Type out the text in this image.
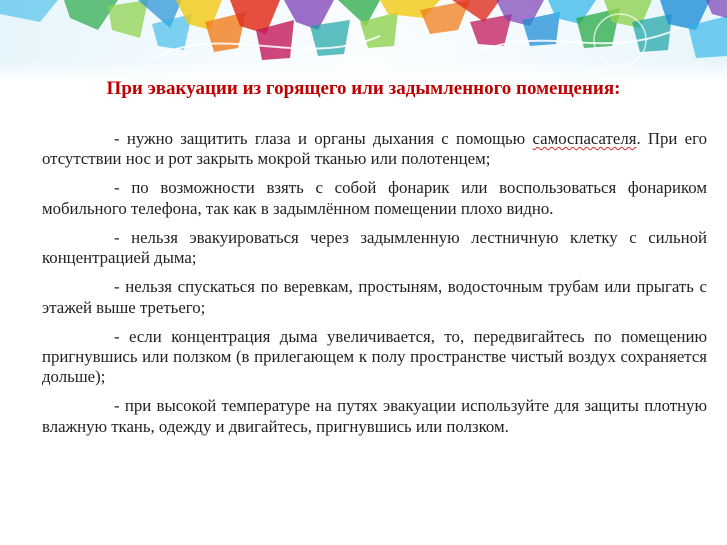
При эвакуации из горящего или задымленного помещения:

- нужно защитить глаза и органы дыхания с помощью самоспасателя. При его отсутствии нос и рот закрыть мокрой тканью или полотенцем;

- по возможности взять с собой фонарик или воспользоваться фонариком мобильного телефона, так как в задымлённом помещении плохо видно.

- нельзя эвакуироваться через задымленную лестничную клетку с сильной концентрацией дыма;

- нельзя спускаться по веревкам, простыням, водосточным трубам или прыгать с этажей выше третьего;

- если концентрация дыма увеличивается, то, передвигайтесь по помещению пригнувшись или ползком (в прилегающем к полу пространстве чистый воздух сохраняется дольше);

- при высокой температуре на путях эвакуации используйте для защиты плотную влажную ткань, одежду и двигайтесь, пригнувшись или ползком.
